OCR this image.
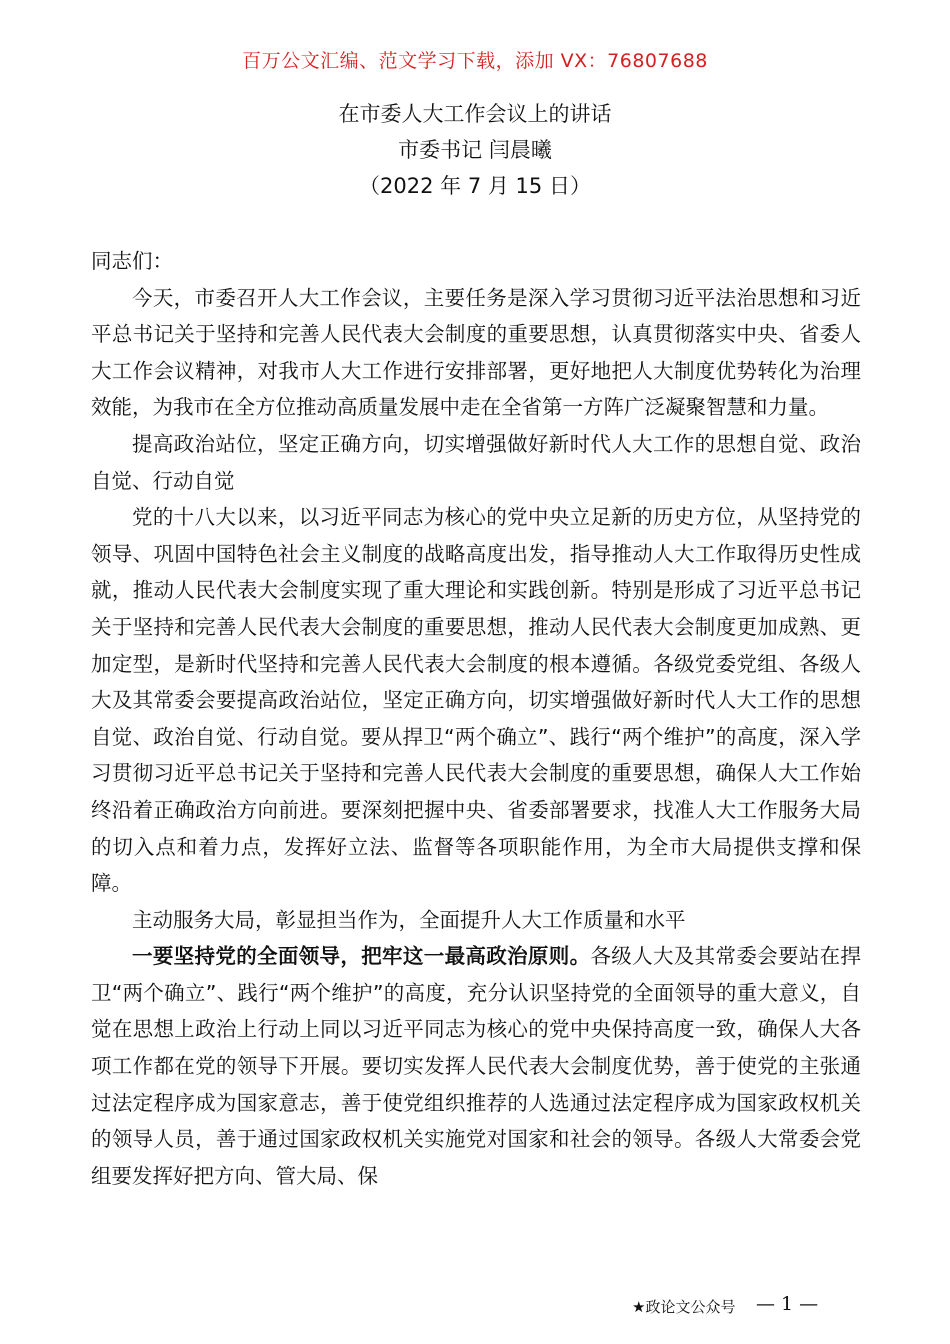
百万公文汇编、范文学习下载，添加 VX：76807688
在市委人大工作会议上的讲话
市委书记 闫晨曦
（2022 年 7 月 15 日）

同志们：

今天，市委召开人大工作会议，主要任务是深入学习贯彻习近平法治思想和习近平总书记关于坚持和完善人民代表大会制度的重要思想，认真贯彻落实中央、省委人大工作会议精神，对我市人大工作进行安排部署，更好地把人大制度优势转化为治理效能，为我市在全方位推动高质量发展中走在全省第一方阵广泛凝聚智慧和力量。

提高政治站位，坚定正确方向，切实增强做好新时代人大工作的思想自觉、政治自觉、行动自觉

党的十八大以来，以习近平同志为核心的党中央立足新的历史方位，从坚持党的领导、巩固中国特色社会主义制度的战略高度出发，指导推动人大工作取得历史性成就，推动人民代表大会制度实现了重大理论和实践创新。特别是形成了习近平总书记关于坚持和完善人民代表大会制度的重要思想，推动人民代表大会制度更加成熟、更加定型，是新时代坚持和完善人民代表大会制度的根本遵循。各级党委党组、各级人大及其常委会要提高政治站位，坚定正确方向，切实增强做好新时代人大工作的思想自觉、政治自觉、行动自觉。要从捍卫“两个确立”、践行“两个维护”的高度，深入学习贯彻习近平总书记关于坚持和完善人民代表大会制度的重要思想，确保人大工作始终沿着正确政治方向前进。要深刻把握中央、省委部署要求，找准人大工作服务大局的切入点和着力点，发挥好立法、监督等各项职能作用，为全市大局提供支撑和保障。

主动服务大局，彰显担当作为，全面提升人大工作质量和水平

一要坚持党的全面领导，把牢这一最高政治原则。各级人大及其常委会要站在捍卫“两个确立”、践行“两个维护”的高度，充分认识坚持党的全面领导的重大意义，自觉在思想上政治上行动上同以习近平同志为核心的党中央保持高度一致，确保人大各项工作都在党的领导下开展。要切实发挥人民代表大会制度优势，善于使党的主张通过法定程序成为国家意志，善于使党组织推荐的人选通过法定程序成为国家政权机关的领导人员，善于通过国家政权机关实施党对国家和社会的领导。各级人大常委会党组要发挥好把方向、管大局、保

★政论文公众号 — 1 —
